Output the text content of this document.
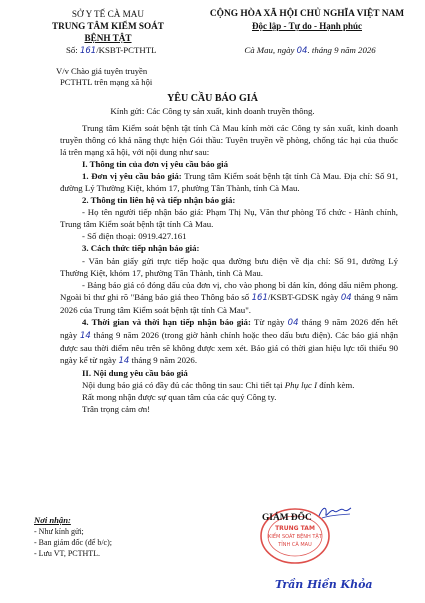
SỞ Y TẾ CÀ MAU
TRUNG TÂM KIỂM SOÁT
BỆNH TẬT
CỘNG HÒA XÃ HỘI CHỦ NGHĨA VIỆT NAM
Độc lập - Tự do - Hạnh phúc
Số: 161/KSBT-PCTHTL	Cà Mau, ngày 04. tháng 9 năm 2026
V/v Chào giá tuyên truyền
PCTHTL trên mạng xã hội
YÊU CẦU BÁO GIÁ
Kính gửi: Các Công ty sản xuất, kinh doanh truyền thông.

Trung tâm Kiểm soát bệnh tật tỉnh Cà Mau kính mời các Công ty sản xuất, kinh doanh truyền thông có khả năng thực hiện Gói thầu: Tuyên truyền về phòng, chống tác hại của thuốc lá trên mạng xã hội, với nội dung như sau:

I. Thông tin của đơn vị yêu cầu báo giá

1. Đơn vị yêu cầu báo giá: Trung tâm Kiểm soát bệnh tật tỉnh Cà Mau. Địa chỉ: Số 91, đường Lý Thường Kiệt, khóm 17, phường Tân Thành, tỉnh Cà Mau.

2. Thông tin liên hệ và tiếp nhận báo giá:

- Họ tên người tiếp nhận báo giá: Phạm Thị Nụ, Văn thư phòng Tổ chức - Hành chính, Trung tâm Kiểm soát bệnh tật tỉnh Cà Mau.

- Số điện thoại: 0919.427.161

3. Cách thức tiếp nhận báo giá:

- Văn bản giấy gửi trực tiếp hoặc qua đường bưu điện về địa chỉ: Số 91, đường Lý Thường Kiệt, khóm 17, phường Tân Thành, tỉnh Cà Mau.

- Bảng báo giá có đóng dấu của đơn vị, cho vào phong bì dán kín, đóng dấu niêm phong. Ngoài bì thư ghi rõ "Bảng báo giá theo Thông báo số 161/KSBT-GDSK ngày 04 tháng 9 năm 2026 của Trung tâm Kiểm soát bệnh tật tỉnh Cà Mau".

4. Thời gian và thời hạn tiếp nhận báo giá: Từ ngày 04 tháng 9 năm 2026 đến hết ngày 14 tháng 9 năm 2026 (trong giờ hành chính hoặc theo dấu bưu điện). Các báo giá nhận được sau thời điểm nêu trên sẽ không được xem xét. Báo giá có thời gian hiệu lực tối thiểu 90 ngày kể từ ngày 14 tháng 9 năm 2026.

II. Nội dung yêu cầu báo giá

Nội dung báo giá có đầy đủ các thông tin sau: Chi tiết tại Phụ lục I đính kèm.

Rất mong nhận được sự quan tâm của các quý Công ty.

Trân trọng cảm ơn!

Nơi nhận:
- Như kính gửi;
- Ban giám đốc (để b/c);
- Lưu VT, PCTHTL.
TRUNG TÂM
KIỂM SOÁT BỆNH TẬT
TỈNH CÀ MAU
GIÁM ĐỐC
Trần Hiền Khỏa
